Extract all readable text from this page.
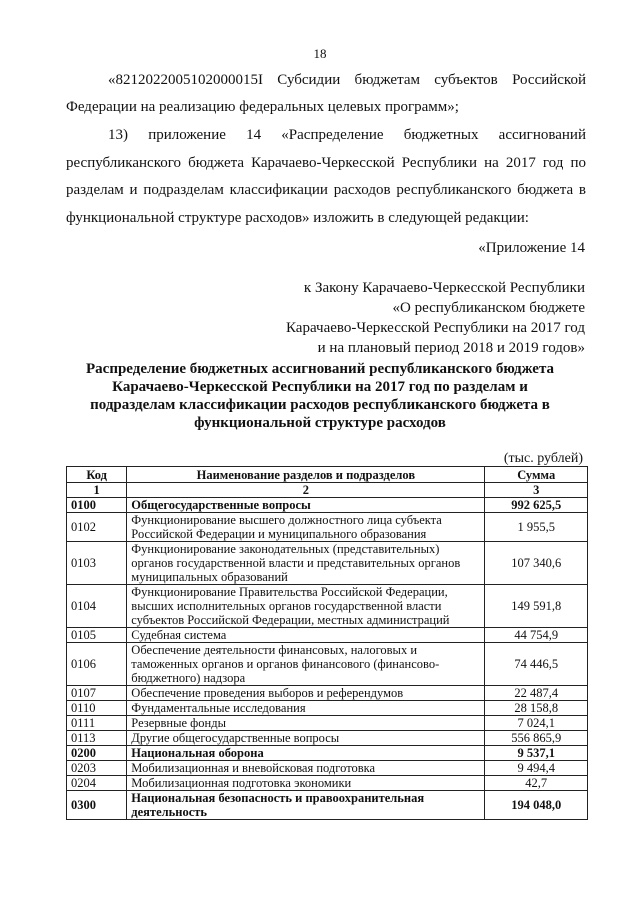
18

«8212022005102000015I Субсидии бюджетам субъектов Российской

Федерации на реализацию федеральных целевых программ»;

13) приложение 14 «Распределение бюджетных ассигнований республиканского бюджета Карачаево-Черкесской Республики на 2017 год по разделам и подразделам классификации расходов республиканского бюджета в функциональной структуре расходов» изложить в следующей редакции:

«Приложение 14
к Закону Карачаево-Черкесской Республики
«О республиканском бюджете
Карачаево-Черкесской Республики на 2017 год
и на плановый период 2018 и 2019 годов»
Распределение бюджетных ассигнований республиканского бюджета Карачаево-Черкесской Республики на 2017 год по разделам и подразделам классификации расходов республиканского бюджета в функциональной структуре расходов
(тыс. рублей)
Код	Наименование разделов и подразделов	Сумма
1	2	3
0100	Общегосударственные вопросы	992 625,5
0102	Функционирование высшего должностного лица субъекта Российской Федерации и муниципального образования	1 955,5
0103	Функционирование законодательных (представительных) органов государственной власти и представительных органов муниципальных образований	107 340,6
0104	Функционирование Правительства Российской Федерации, высших исполнительных органов государственной власти субъектов Российской Федерации, местных администраций	149 591,8
0105	Судебная система	44 754,9
0106	Обеспечение деятельности финансовых, налоговых и таможенных органов и органов финансового (финансово-бюджетного) надзора	74 446,5
0107	Обеспечение проведения выборов и референдумов	22 487,4
0110	Фундаментальные исследования	28 158,8
0111	Резервные фонды	7 024,1
0113	Другие общегосударственные вопросы	556 865,9
0200	Национальная оборона	9 537,1
0203	Мобилизационная и вневойсковая подготовка	9 494,4
0204	Мобилизационная подготовка экономики	42,7
0300	Национальная безопасность и правоохранительная деятельность	194 048,0
